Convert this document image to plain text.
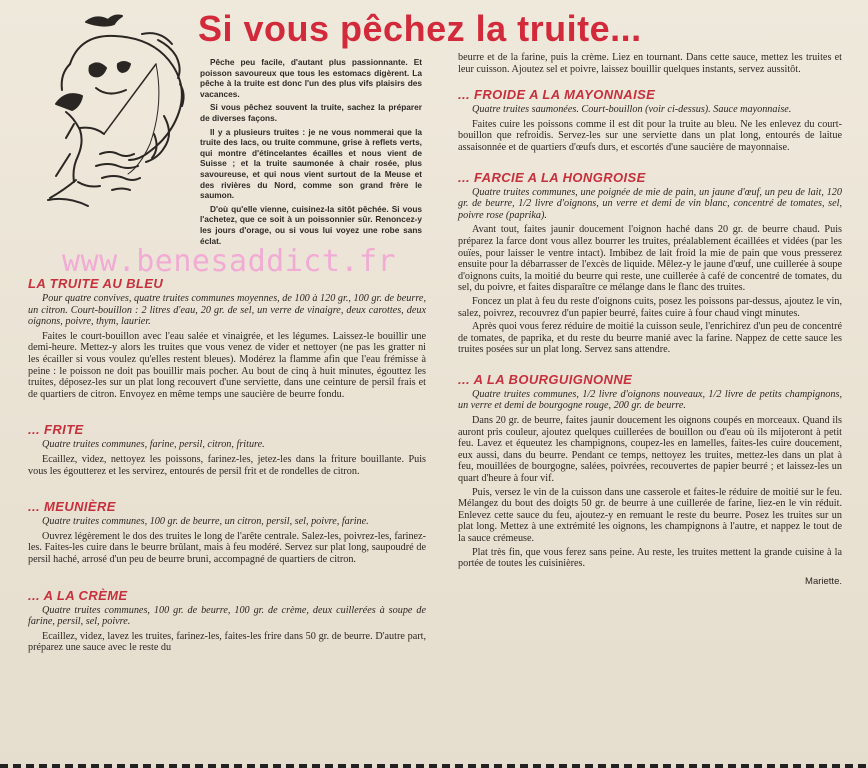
Si vous pêchez la truite...

Pêche peu facile, d'autant plus passionnante. Et poisson savoureux que tous les estomacs digèrent. La pêche à la truite est donc l'un des plus vifs plaisirs des vacances.

Si vous pêchez souvent la truite, sachez la préparer de diverses façons.

Il y a plusieurs truites : je ne vous nommerai que la truite des lacs, ou truite commune, grise à reflets verts, qui montre d'étincelantes écailles et nous vient de Suisse ; et la truite saumonée à chair rosée, plus savoureuse, et qui nous vient surtout de la Meuse et des rivières du Nord, comme son grand frère le saumon.

D'où qu'elle vienne, cuisinez-la sitôt pêchée. Si vous l'achetez, que ce soit à un poissonnier sûr. Renoncez-y les jours d'orage, ou si vous lui voyez une robe sans éclat.

www.benesaddict.fr
LA TRUITE AU BLEU

Pour quatre convives, quatre truites communes moyennes, de 100 à 120 gr., 100 gr. de beurre, un citron. Court-bouillon : 2 litres d'eau, 20 gr. de sel, un verre de vinaigre, deux carottes, deux oignons, poivre, thym, laurier.

Faites le court-bouillon avec l'eau salée et vinaigrée, et les légumes. Laissez-le bouillir une demi-heure. Mettez-y alors les truites que vous venez de vider et nettoyer (ne pas les gratter ni les écailler si vous voulez qu'elles restent bleues). Modérez la flamme afin que l'eau frémisse à peine : le poisson ne doit pas bouillir mais pocher. Au bout de cinq à huit minutes, égouttez les truites, déposez-les sur un plat long recouvert d'une serviette, dans une ceinture de persil frais et de quartiers de citron. Envoyez en même temps une saucière de beurre fondu.

... FRITE

Quatre truites communes, farine, persil, citron, friture.

Ecaillez, videz, nettoyez les poissons, farinez-les, jetez-les dans la friture bouillante. Puis vous les égoutterez et les servirez, entourés de persil frit et de rondelles de citron.

... MEUNIÈRE

Quatre truites communes, 100 gr. de beurre, un citron, persil, sel, poivre, farine.

Ouvrez légèrement le dos des truites le long de l'arête centrale. Salez-les, poivrez-les, farinez-les. Faites-les cuire dans le beurre brûlant, mais à feu modéré. Servez sur plat long, saupoudré de persil haché, arrosé d'un peu de beurre bruni, accompagné de quartiers de citron.

... A LA CRÈME

Quatre truites communes, 100 gr. de beurre, 100 gr. de crème, deux cuillerées à soupe de farine, persil, sel, poivre.

Ecaillez, videz, lavez les truites, farinez-les, faites-les frire dans 50 gr. de beurre. D'autre part, préparez une sauce avec le reste du

beurre et de la farine, puis la crème. Liez en tournant. Dans cette sauce, mettez les truites et leur cuisson. Ajoutez sel et poivre, laissez bouillir quelques instants, servez aussitôt.

... FROIDE A LA MAYONNAISE

Quatre truites saumonées. Court-bouillon (voir ci-dessus). Sauce mayonnaise.

Faites cuire les poissons comme il est dit pour la truite au bleu. Ne les enlevez du court-bouillon que refroidis. Servez-les sur une serviette dans un plat long, entourés de laitue assaisonnée et de quartiers d'œufs durs, et escortés d'une saucière de mayonnaise.

... FARCIE A LA HONGROISE

Quatre truites communes, une poignée de mie de pain, un jaune d'œuf, un peu de lait, 120 gr. de beurre, 1/2 livre d'oignons, un verre et demi de vin blanc, concentré de tomates, sel, poivre rose (paprika).

Avant tout, faites jaunir doucement l'oignon haché dans 20 gr. de beurre chaud. Puis préparez la farce dont vous allez bourrer les truites, préalablement écaillées et vidées (par les ouïes, pour laisser le ventre intact). Imbibez de lait froid la mie de pain que vous presserez ensuite pour la débarrasser de l'excès de liquide. Mêlez-y le jaune d'œuf, une cuillerée à soupe d'oignons cuits, la moitié du beurre qui reste, une cuillerée à café de concentré de tomates, du sel, du poivre, et faites disparaître ce mélange dans le flanc des truites.

Foncez un plat à feu du reste d'oignons cuits, posez les poissons par-dessus, ajoutez le vin, salez, poivrez, recouvrez d'un papier beurré, faites cuire à four chaud vingt minutes.

Après quoi vous ferez réduire de moitié la cuisson seule, l'enrichirez d'un peu de concentré de tomates, de paprika, et du reste du beurre manié avec la farine. Nappez de cette sauce les truites posées sur un plat long. Servez sans attendre.

... A LA BOURGUIGNONNE

Quatre truites communes, 1/2 livre d'oignons nouveaux, 1/2 livre de petits champignons, un verre et demi de bourgogne rouge, 200 gr. de beurre.

Dans 20 gr. de beurre, faites jaunir doucement les oignons coupés en morceaux. Quand ils auront pris couleur, ajoutez quelques cuillerées de bouillon ou d'eau où ils mijoteront à petit feu. Lavez et équeutez les champignons, coupez-les en lamelles, faites-les cuire doucement, eux aussi, dans du beurre. Pendant ce temps, nettoyez les truites, mettez-les dans un plat à feu, mouillées de bourgogne, salées, poivrées, recouvertes de papier beurré ; et laissez-les un quart d'heure à four vif.

Puis, versez le vin de la cuisson dans une casserole et faites-le réduire de moitié sur le feu. Mélangez du bout des doigts 50 gr. de beurre à une cuillerée de farine, liez-en le vin réduit. Enlevez cette sauce du feu, ajoutez-y en remuant le reste du beurre. Posez les truites sur un plat long. Mettez à une extrémité les oignons, les champignons à l'autre, et nappez le tout de la sauce crémeuse.

Plat très fin, que vous ferez sans peine. Au reste, les truites mettent la grande cuisine à la portée de toutes les cuisinières.

Mariette.
